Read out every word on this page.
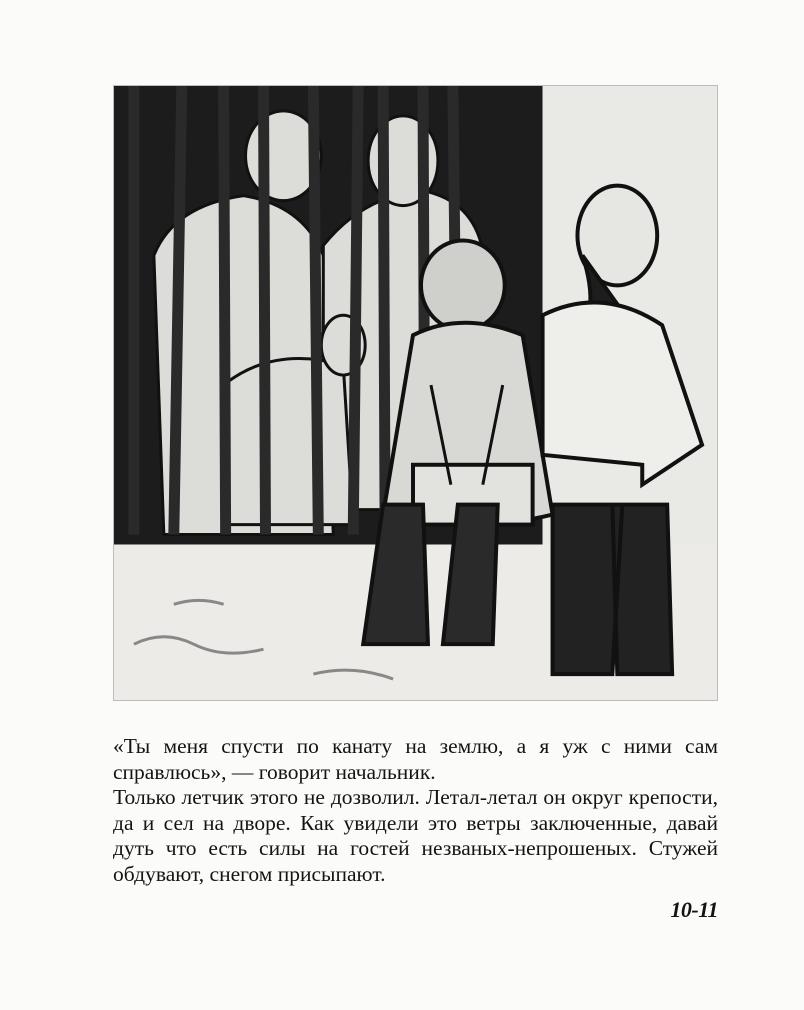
«Ты меня спусти по канату на землю, а я уж с ними сам справлюсь», — говорит начальник.

Только летчик этого не дозволил. Летал-летал он округ крепости, да и сел на дворе. Как увидели это ветры заключенные, давай дуть что есть силы на гостей незваных-непрошеных. Стужей обдувают, снегом присыпают.

10-11
